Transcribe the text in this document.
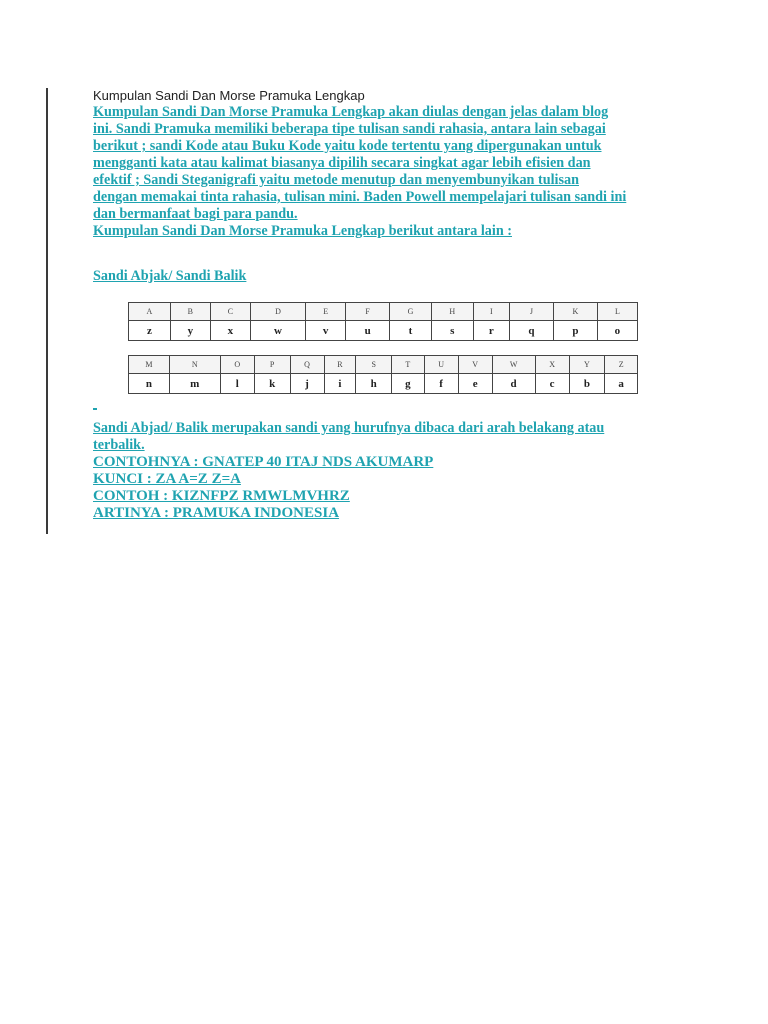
Kumpulan Sandi Dan Morse Pramuka Lengkap

Kumpulan Sandi Dan Morse Pramuka Lengkap akan diulas dengan jelas dalam blog
ini. Sandi Pramuka memiliki beberapa tipe tulisan sandi rahasia, antara lain sebagai
berikut ; sandi Kode atau Buku Kode yaitu kode tertentu yang dipergunakan untuk
mengganti kata atau kalimat biasanya dipilih secara singkat agar lebih efisien dan
efektif ; Sandi Steganigrafi yaitu metode menutup dan menyembunyikan tulisan
dengan memakai tinta rahasia, tulisan mini. Baden Powell mempelajari tulisan sandi ini
dan bermanfaat bagi para pandu.
Kumpulan Sandi Dan Morse Pramuka Lengkap berikut antara lain :

Sandi Abjak/ Sandi Balik
A	B	C	D	E	F	G	H	I	J	K	L
z	y	x	w	v	u	t	s	r	q	p	o
M	N	O	P	Q	R	S	T	U	V	W	X	Y	Z
n	m	l	k	j	i	h	g	f	e	d	c	b	a
Sandi Abjad/ Balik merupakan sandi yang hurufnya dibaca dari arah belakang atau
terbalik.
CONTOHNYA : GNATEP 40 ITAJ NDS AKUMARP
KUNCI : ZA A=Z Z=A
CONTOH : KIZNFPZ RMWLMVHRZ
ARTINYA : PRAMUKA INDONESIA
